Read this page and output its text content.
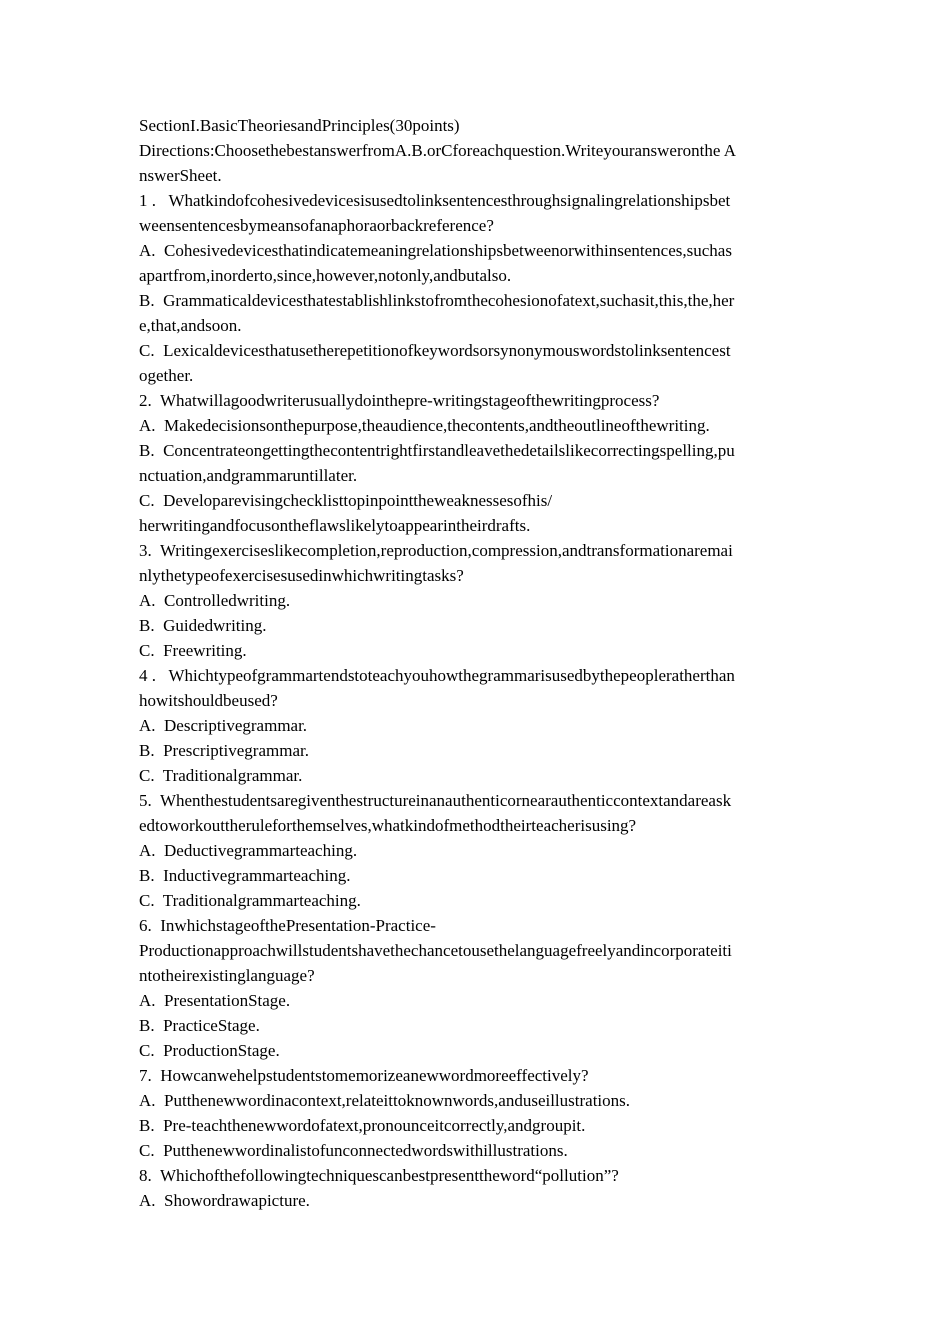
SectionI.BasicTheoriesandPrinciples(30points)

Directions:ChoosethebestanswerfromA.B.orCforeachquestion.Writeyouransweronthe A

nswerSheet.

1 .   Whatkindofcohesivedevicesisusedtolinksentencesthroughsignalingrelationshipsbet

weensentencesbymeansofanaphoraorbackreference?

A.  Cohesivedevicesthatindicatemeaningrelationshipsbetweenorwithinsentences,suchas

apartfrom,inorderto,since,however,notonly,andbutalso.

B.  Grammaticaldevicesthatestablishlinkstofromthecohesionofatext,suchasit,this,the,her

e,that,andsoon.

C.  Lexicaldevicesthatusetherepetitionofkeywordsorsynonymouswordstolinksentencest

ogether.

2.  Whatwillagoodwriterusuallydointhepre-writingstageofthewritingprocess?

A.  Makedecisionsonthepurpose,theaudience,thecontents,andtheoutlineofthewriting.

B.  Concentrateongettingthecontentrightfirstandleavethedetailslikecorrectingspelling,pu

nctuation,andgrammaruntillater.

C.  Developarevisingchecklisttopinpointtheweaknessesofhis/

herwritingandfocusontheflawslikelytoappearintheirdrafts.

3.  Writingexerciseslikecompletion,reproduction,compression,andtransformationaremai

nlythetypeofexercisesusedinwhichwritingtasks?

A.  Controlledwriting.

B.  Guidedwriting.

C.  Freewriting.

4 .   Whichtypeofgrammartendstoteachyouhowthegrammarisusedbythepeopleratherthan

howitshouldbeused?

A.  Descriptivegrammar.

B.  Prescriptivegrammar.

C.  Traditionalgrammar.

5.  Whenthestudentsaregiventhestructureinanauthenticornearauthenticcontextandareask

edtoworkouttheruleforthemselves,whatkindofmethodtheirteacherisusing?

A.  Deductivegrammarteaching.

B.  Inductivegrammarteaching.

C.  Traditionalgrammarteaching.

6.  InwhichstageofthePresentation-Practice-

Productionapproachwillstudentshavethechancetousethelanguagefreelyandincorporateiti

ntotheirexistinglanguage?

A.  PresentationStage.

B.  PracticeStage.

C.  ProductionStage.

7.  Howcanwehelpstudentstomemorizeanewwordmoreeffectively?

A.  Putthenewwordinacontext,relateittoknownwords,anduseillustrations.

B.  Pre-teachthenewwordofatext,pronounceitcorrectly,andgroupit.

C.  Putthenewwordinalistofunconnectedwordswithillustrations.

8.  Whichofthefollowingtechniquescanbestpresenttheword“pollution”?

A.  Showordrawapicture.
